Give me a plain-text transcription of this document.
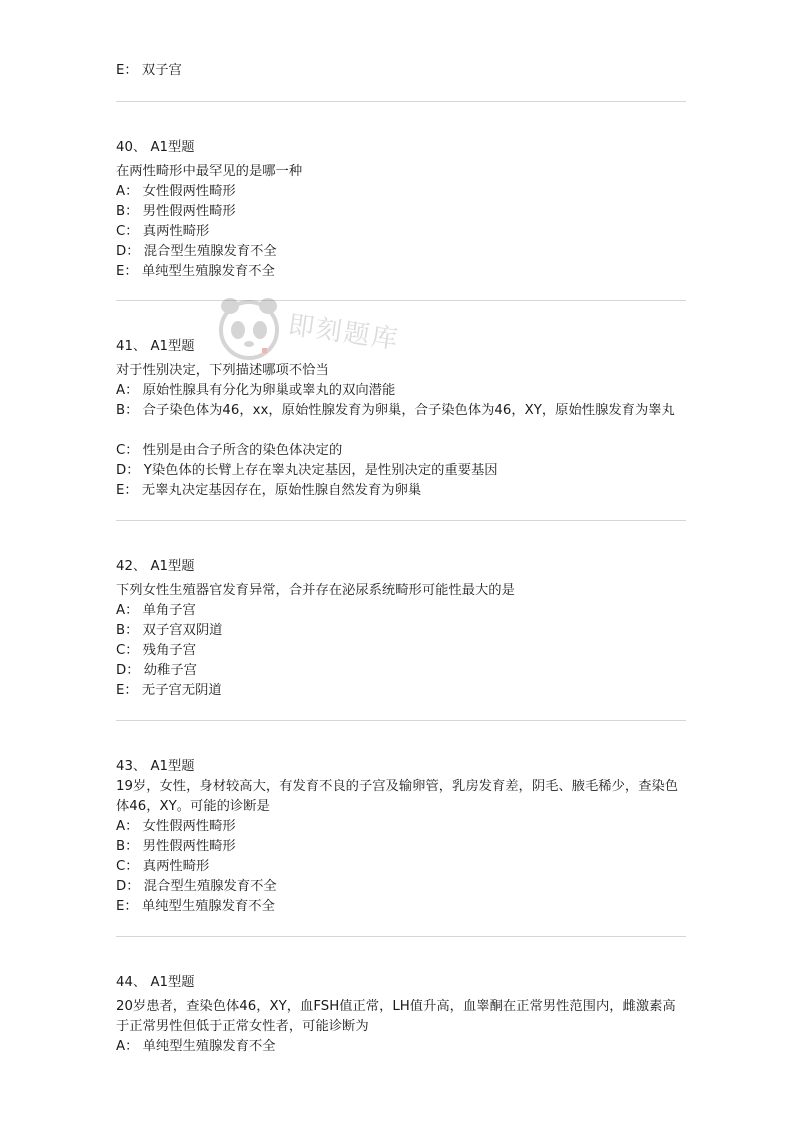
E： 双子宫
40、 A1型题
在两性畸形中最罕见的是哪一种
A： 女性假两性畸形
B： 男性假两性畸形
C： 真两性畸形
D： 混合型生殖腺发育不全
E： 单纯型生殖腺发育不全
41、 A1型题
对于性别决定，下列描述哪项不恰当
A： 原始性腺具有分化为卵巢或睾丸的双向潜能
B： 合子染色体为46，xx，原始性腺发育为卵巢，合子染色体为46，XY，原始性腺发育为睾丸
C： 性别是由合子所含的染色体决定的
D： Y染色体的长臂上存在睾丸决定基因，是性别决定的重要基因
E： 无睾丸决定基因存在，原始性腺自然发育为卵巢
42、 A1型题
下列女性生殖器官发育异常，合并存在泌尿系统畸形可能性最大的是
A： 单角子宫
B： 双子宫双阴道
C： 残角子宫
D： 幼稚子宫
E： 无子宫无阴道
43、 A1型题
19岁，女性，身材较高大，有发育不良的子宫及输卵管，乳房发育差，阴毛、腋毛稀少，查染色体46，XY。可能的诊断是
A： 女性假两性畸形
B： 男性假两性畸形
C： 真两性畸形
D： 混合型生殖腺发育不全
E： 单纯型生殖腺发育不全
44、 A1型题
20岁患者，查染色体46，XY，血FSH值正常，LH值升高，血睾酮在正常男性范围内，雌激素高于正常男性但低于正常女性者，可能诊断为
A： 单纯型生殖腺发育不全
即刻题库
